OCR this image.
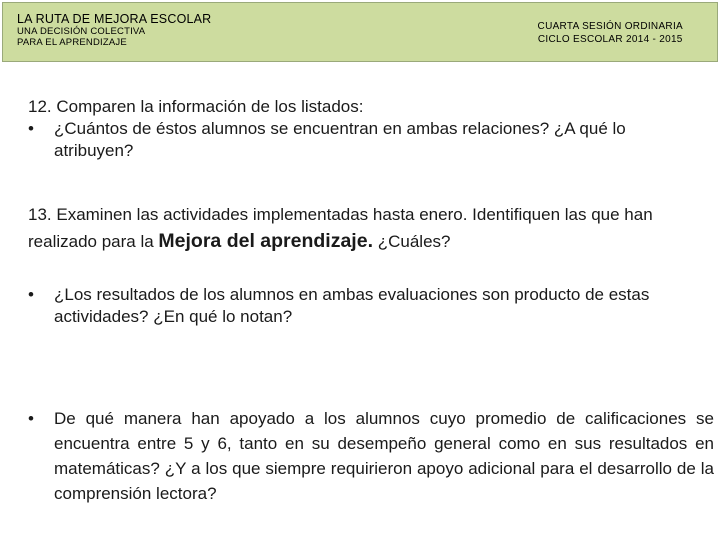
LA RUTA DE MEJORA ESCOLAR
UNA DECISIÓN COLECTIVA
PARA EL APRENDIZAJE
CUARTA SESIÓN ORDINARIA
CICLO ESCOLAR 2014 - 2015
12. Comparen la información de los listados:
• ¿Cuántos de éstos alumnos se encuentran en ambas relaciones? ¿A qué lo atribuyen?
13. Examinen las actividades implementadas hasta enero. Identifiquen las que han realizado para la Mejora del aprendizaje. ¿Cuáles?
• ¿Los resultados de los alumnos en ambas evaluaciones son producto de estas actividades? ¿En qué lo notan?
• De qué manera han apoyado a los alumnos cuyo promedio de calificaciones se encuentra entre 5 y 6, tanto en su desempeño general como en sus resultados en matemáticas? ¿Y a los que siempre requirieron apoyo adicional para el desarrollo de la comprensión lectora?
